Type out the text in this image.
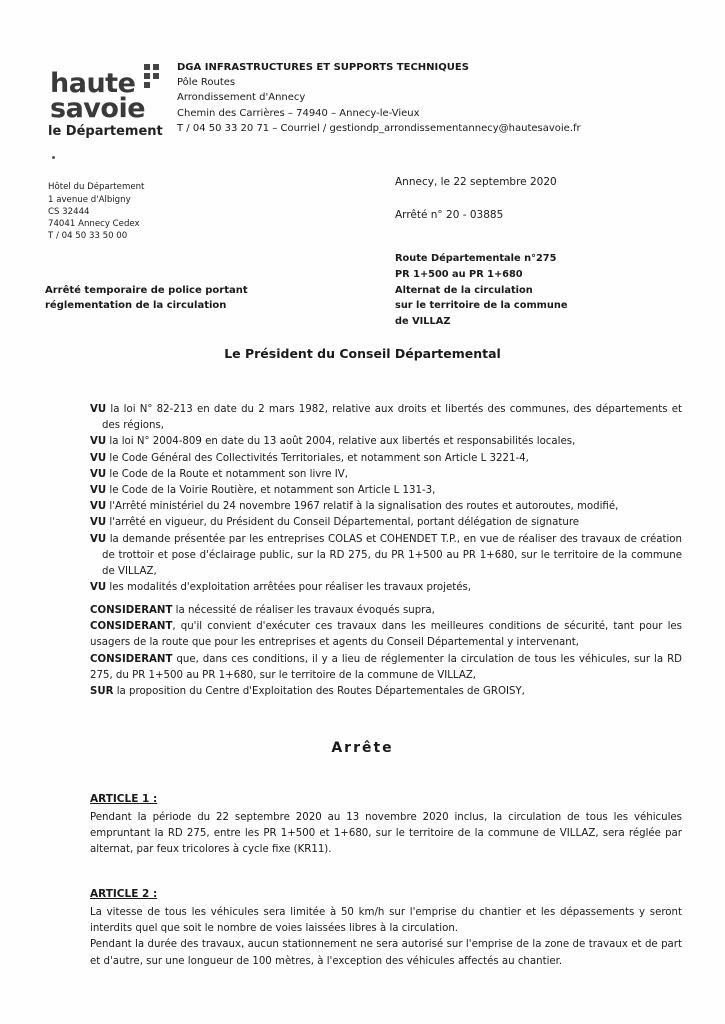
haute
savoie
le Département
DGA INFRASTRUCTURES ET SUPPORTS TECHNIQUES
Pôle Routes
Arrondissement d'Annecy
Chemin des Carrières – 74940 – Annecy-le-Vieux
T / 04 50 33 20 71 – Courriel / gestiondp_arrondissementannecy@hautesavoie.fr
Hôtel du Département
1 avenue d'Albigny
CS 32444
74041 Annecy Cedex
T / 04 50 33 50 00
Annecy, le 22 septembre 2020
Arrêté n° 20 - 03885
Arrêté temporaire de police portant
réglementation de la circulation
Route Départementale n°275
PR 1+500 au PR 1+680
Alternat de la circulation
sur le territoire de la commune
de VILLAZ
Le Président du Conseil Départemental
VU la loi N° 82-213 en date du 2 mars 1982, relative aux droits et libertés des communes, des départements et des régions,
VU la loi N° 2004-809 en date du 13 août 2004, relative aux libertés et responsabilités locales,
VU le Code Général des Collectivités Territoriales, et notamment son Article L 3221-4,
VU le Code de la Route et notamment son livre IV,
VU le Code de la Voirie Routière, et notamment son Article L 131-3,
VU l'Arrêté ministériel du 24 novembre 1967 relatif à la signalisation des routes et autoroutes, modifié,
VU l'arrêté en vigueur, du Président du Conseil Départemental, portant délégation de signature
VU la demande présentée par les entreprises COLAS et COHENDET T.P., en vue de réaliser des travaux de création de trottoir et pose d'éclairage public, sur la RD 275, du PR 1+500 au PR 1+680, sur le territoire de la commune de VILLAZ,
VU les modalités d'exploitation arrêtées pour réaliser les travaux projetés,
CONSIDERANT la nécessité de réaliser les travaux évoqués supra,
CONSIDERANT, qu'il convient d'exécuter ces travaux dans les meilleures conditions de sécurité, tant pour les usagers de la route que pour les entreprises et agents du Conseil Départemental y intervenant,
CONSIDERANT que, dans ces conditions, il y a lieu de réglementer la circulation de tous les véhicules, sur la RD 275, du PR 1+500 au PR 1+680, sur le territoire de la commune de VILLAZ,
SUR la proposition du Centre d'Exploitation des Routes Départementales de GROISY,
Arrête
ARTICLE 1 :
Pendant la période du 22 septembre 2020 au 13 novembre 2020 inclus, la circulation de tous les véhicules empruntant la RD 275, entre les PR 1+500 et 1+680, sur le territoire de la commune de VILLAZ, sera réglée par alternat, par feux tricolores à cycle fixe (KR11).
ARTICLE 2 :
La vitesse de tous les véhicules sera limitée à 50 km/h sur l'emprise du chantier et les dépassements y seront interdits quel que soit le nombre de voies laissées libres à la circulation.
Pendant la durée des travaux, aucun stationnement ne sera autorisé sur l'emprise de la zone de travaux et de part et d'autre, sur une longueur de 100 mètres, à l'exception des véhicules affectés au chantier.
